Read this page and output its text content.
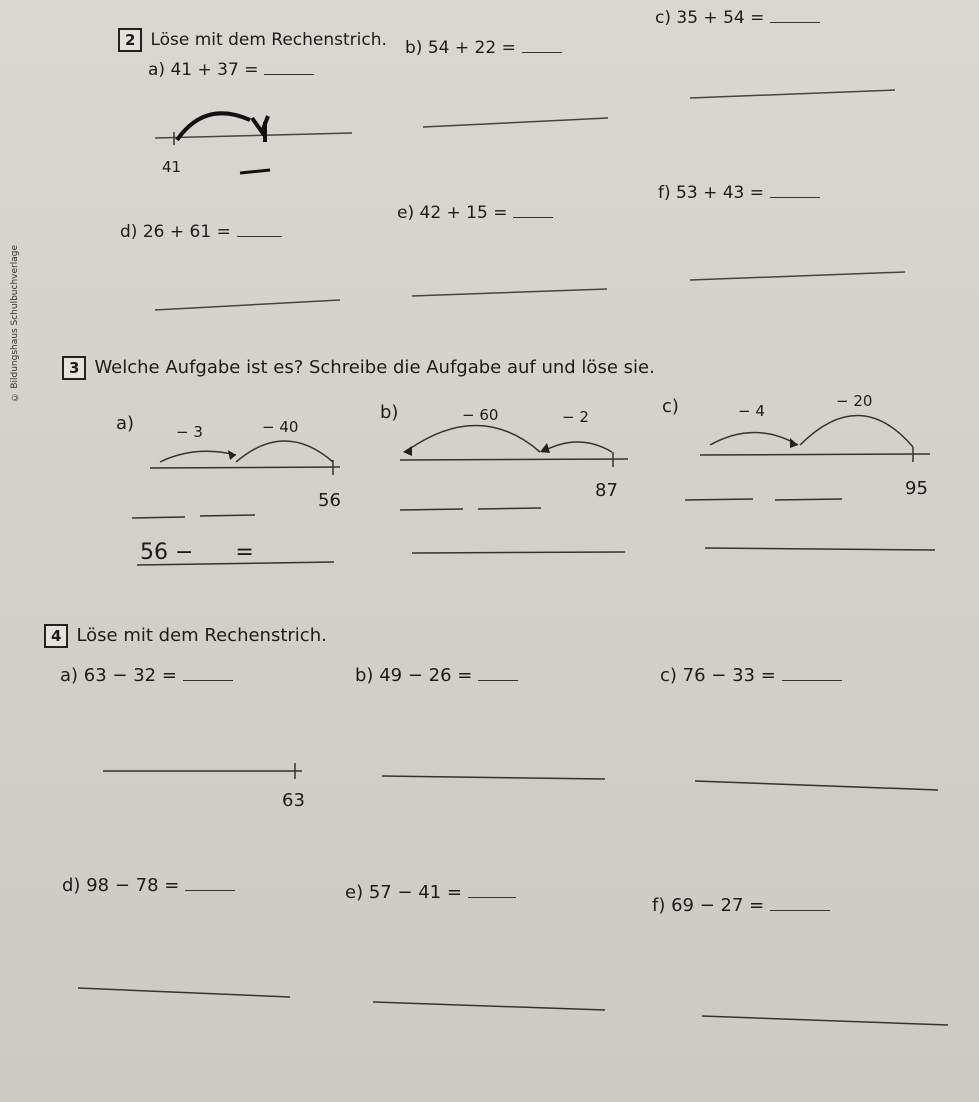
© Bildungshaus Schulbuchverlage
2 Löse mit dem Rechenstrich.
a) 41 + 37 =
b) 54 + 22 =
c) 35 + 54 =
41
d) 26 + 61 =
e) 42 + 15 =
f) 53 + 43 =
3 Welche Aufgabe ist es? Schreibe die Aufgabe auf und löse sie.
a)
b)	c)
− 3	− 40
56
− 60	− 2
87
− 4
− 20
95
56 − =
4 Löse mit dem Rechenstrich.
a) 63 − 32 =	b) 49 − 26 =	c) 76 − 33 =
63
d) 98 − 78 =	e) 57 − 41 =
f) 69 − 27 =
